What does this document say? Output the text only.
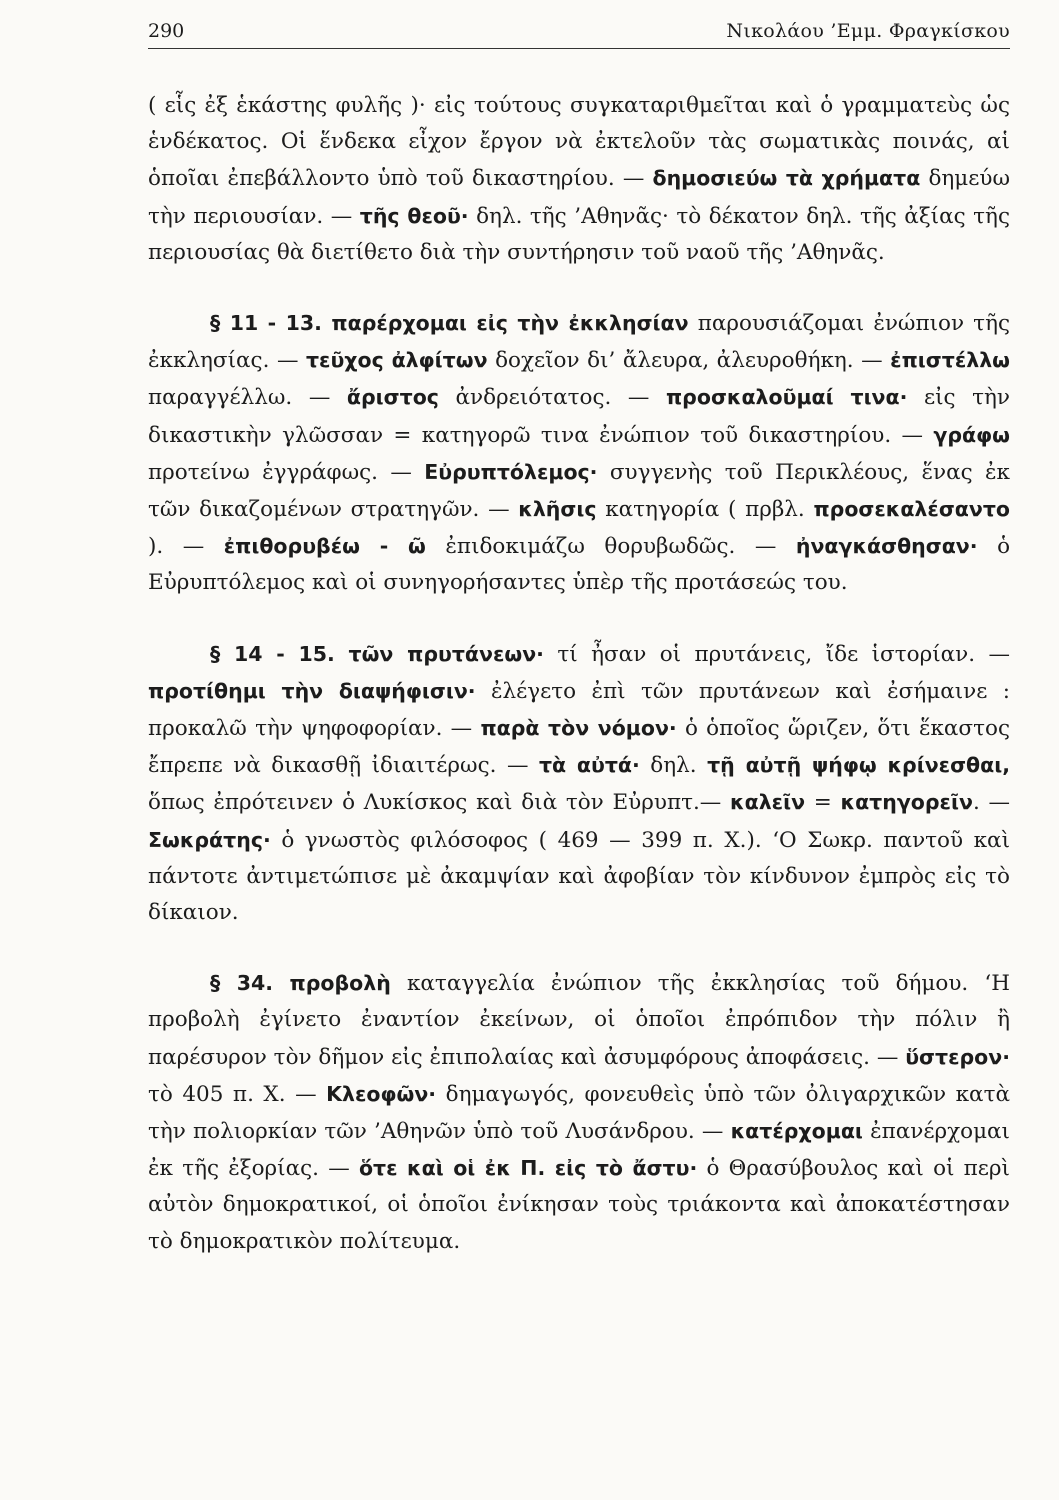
290	Νικολάου ’Εμμ. Φραγκίσκου

( εἷς ἐξ ἑκάστης φυλῆς )· εἰς τούτους συγκαταριθμεῖται καὶ ὁ γραμματεὺς ὡς ἑνδέκατος. Οἱ ἕνδεκα εἶχον ἔργον νὰ ἐκτελοῦν τὰς σωματικὰς ποινάς, αἱ ὁποῖαι ἐπεβάλλοντο ὑπὸ τοῦ δικαστηρίου. — δημοσιεύω τὰ χρήματα δημεύω τὴν περιουσίαν. — τῆς θεοῦ· δηλ. τῆς ’Αθηνᾶς· τὸ δέκατον δηλ. τῆς ἀξίας τῆς περιουσίας θὰ διετίθετο διὰ τὴν συντήρησιν τοῦ ναοῦ τῆς ’Αθηνᾶς.

§ 11 - 13. παρέρχομαι εἰς τὴν ἐκκλησίαν παρουσιάζομαι ἐνώπιον τῆς ἐκκλησίας. — τεῦχος ἀλφίτων δοχεῖον δι’ ἄλευρα, ἀλευροθήκη. — ἐπιστέλλω παραγγέλλω. — ἄριστος ἀνδρειότατος. — προσκαλοῦμαί τινα· εἰς τὴν δικαστικὴν γλῶσσαν = κατηγορῶ τινα ἐνώπιον τοῦ δικαστηρίου. — γράφω προτείνω ἐγγράφως. — Εὐρυπτόλεμος· συγγενὴς τοῦ Περικλέους, ἕνας ἐκ τῶν δικαζομένων στρατηγῶν. — κλῆσις κατηγορία ( πρβλ. προσεκαλέσαντο ). — ἐπιθορυβέω - ῶ ἐπιδοκιμάζω θορυβωδῶς. — ἠναγκάσθησαν· ὁ Εὐρυπτόλεμος καὶ οἱ συνηγορήσαντες ὑπὲρ τῆς προτάσεώς του.

§ 14 - 15. τῶν πρυτάνεων· τί ἦσαν οἱ πρυτάνεις, ἴδε ἱστορίαν. — προτίθημι τὴν διαψήφισιν· ἐλέγετο ἐπὶ τῶν πρυτάνεων καὶ ἐσήμαινε : προκαλῶ τὴν ψηφοφορίαν. — παρὰ τὸν νόμον· ὁ ὁποῖος ὥριζεν, ὅτι ἕκαστος ἔπρεπε νὰ δικασθῇ ἰδιαιτέρως. — τὰ αὐτά· δηλ. τῇ αὐτῇ ψήφῳ κρίνεσθαι, ὅπως ἐπρότεινεν ὁ Λυκίσκος καὶ διὰ τὸν Εὐρυπτ.— καλεῖν = κατηγορεῖν. — Σωκράτης· ὁ γνωστὸς φιλόσοφος ( 469 — 399 π. Χ.). ‘Ο Σωκρ. παντοῦ καὶ πάντοτε ἀντιμετώπισε μὲ ἀκαμψίαν καὶ ἀφοβίαν τὸν κίνδυνον ἐμπρὸς εἰς τὸ δίκαιον.

§ 34. προβολὴ καταγγελία ἐνώπιον τῆς ἐκκλησίας τοῦ δήμου. ‘Η προβολὴ ἐγίνετο ἐναντίον ἐκείνων, οἱ ὁποῖοι ἐπρόπιδον τὴν πόλιν ἢ παρέσυρον τὸν δῆμον εἰς ἐπιπολαίας καὶ ἀσυμφόρους ἀποφάσεις. — ὕστερον· τὸ 405 π. Χ. — Κλεοφῶν· δημαγωγός, φονευθεὶς ὑπὸ τῶν ὀλιγαρχικῶν κατὰ τὴν πολιορκίαν τῶν ’Αθηνῶν ὑπὸ τοῦ Λυσάνδρου. — κατέρχομαι ἐπανέρχομαι ἐκ τῆς ἐξορίας. — ὅτε καὶ οἱ ἐκ Π. εἰς τὸ ἄστυ· ὁ Θρασύβουλος καὶ οἱ περὶ αὐτὸν δημοκρατικοί, οἱ ὁποῖοι ἐνίκησαν τοὺς τριάκοντα καὶ ἀποκατέστησαν τὸ δημοκρατικὸν πολίτευμα.
